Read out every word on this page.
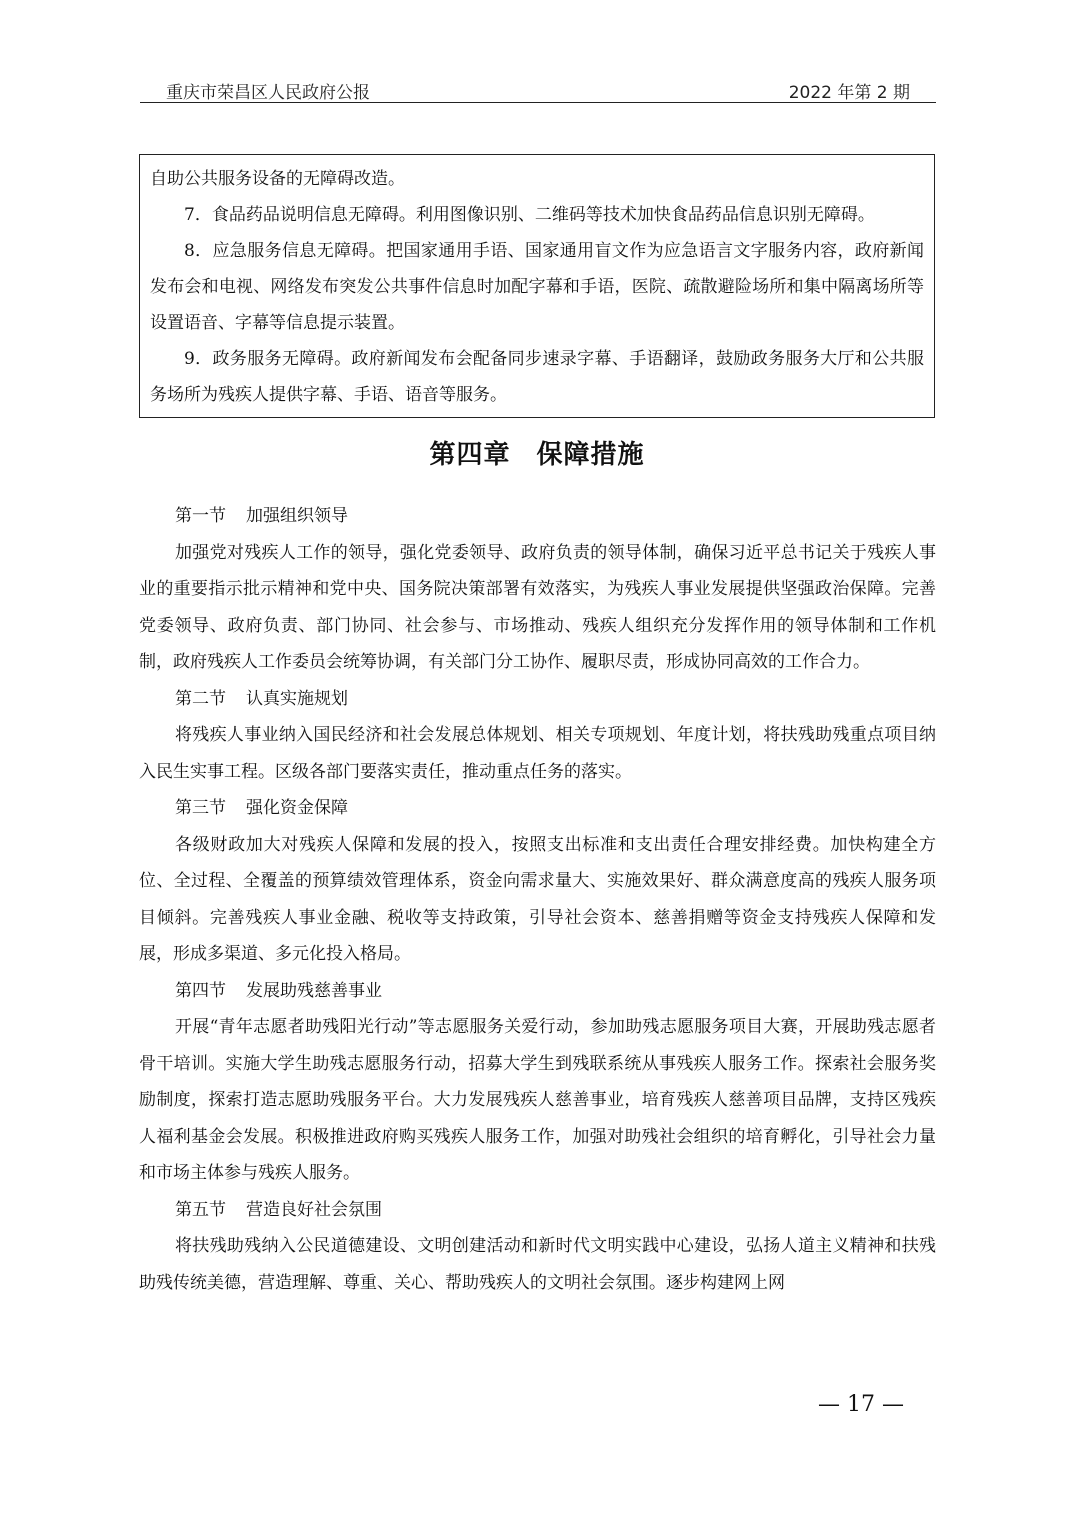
重庆市荣昌区人民政府公报	2022 年第 2 期

自助公共服务设备的无障碍改造。

7．食品药品说明信息无障碍。利用图像识别、二维码等技术加快食品药品信息识别无障碍。

8．应急服务信息无障碍。把国家通用手语、国家通用盲文作为应急语言文字服务内容，政府新闻发布会和电视、网络发布突发公共事件信息时加配字幕和手语，医院、疏散避险场所和集中隔离场所等设置语音、字幕等信息提示装置。

9．政务服务无障碍。政府新闻发布会配备同步速录字幕、手语翻译，鼓励政务服务大厅和公共服务场所为残疾人提供字幕、手语、语音等服务。

第四章 保障措施

第一节 加强组织领导

加强党对残疾人工作的领导，强化党委领导、政府负责的领导体制，确保习近平总书记关于残疾人事业的重要指示批示精神和党中央、国务院决策部署有效落实，为残疾人事业发展提供坚强政治保障。完善党委领导、政府负责、部门协同、社会参与、市场推动、残疾人组织充分发挥作用的领导体制和工作机制，政府残疾人工作委员会统筹协调，有关部门分工协作、履职尽责，形成协同高效的工作合力。

第二节 认真实施规划

将残疾人事业纳入国民经济和社会发展总体规划、相关专项规划、年度计划，将扶残助残重点项目纳入民生实事工程。区级各部门要落实责任，推动重点任务的落实。

第三节 强化资金保障

各级财政加大对残疾人保障和发展的投入，按照支出标准和支出责任合理安排经费。加快构建全方位、全过程、全覆盖的预算绩效管理体系，资金向需求量大、实施效果好、群众满意度高的残疾人服务项目倾斜。完善残疾人事业金融、税收等支持政策，引导社会资本、慈善捐赠等资金支持残疾人保障和发展，形成多渠道、多元化投入格局。

第四节 发展助残慈善事业

开展“青年志愿者助残阳光行动”等志愿服务关爱行动，参加助残志愿服务项目大赛，开展助残志愿者骨干培训。实施大学生助残志愿服务行动，招募大学生到残联系统从事残疾人服务工作。探索社会服务奖励制度，探索打造志愿助残服务平台。大力发展残疾人慈善事业，培育残疾人慈善项目品牌，支持区残疾人福利基金会发展。积极推进政府购买残疾人服务工作，加强对助残社会组织的培育孵化，引导社会力量和市场主体参与残疾人服务。

第五节 营造良好社会氛围

将扶残助残纳入公民道德建设、文明创建活动和新时代文明实践中心建设，弘扬人道主义精神和扶残助残传统美德，营造理解、尊重、关心、帮助残疾人的文明社会氛围。逐步构建网上网

— 17 —
